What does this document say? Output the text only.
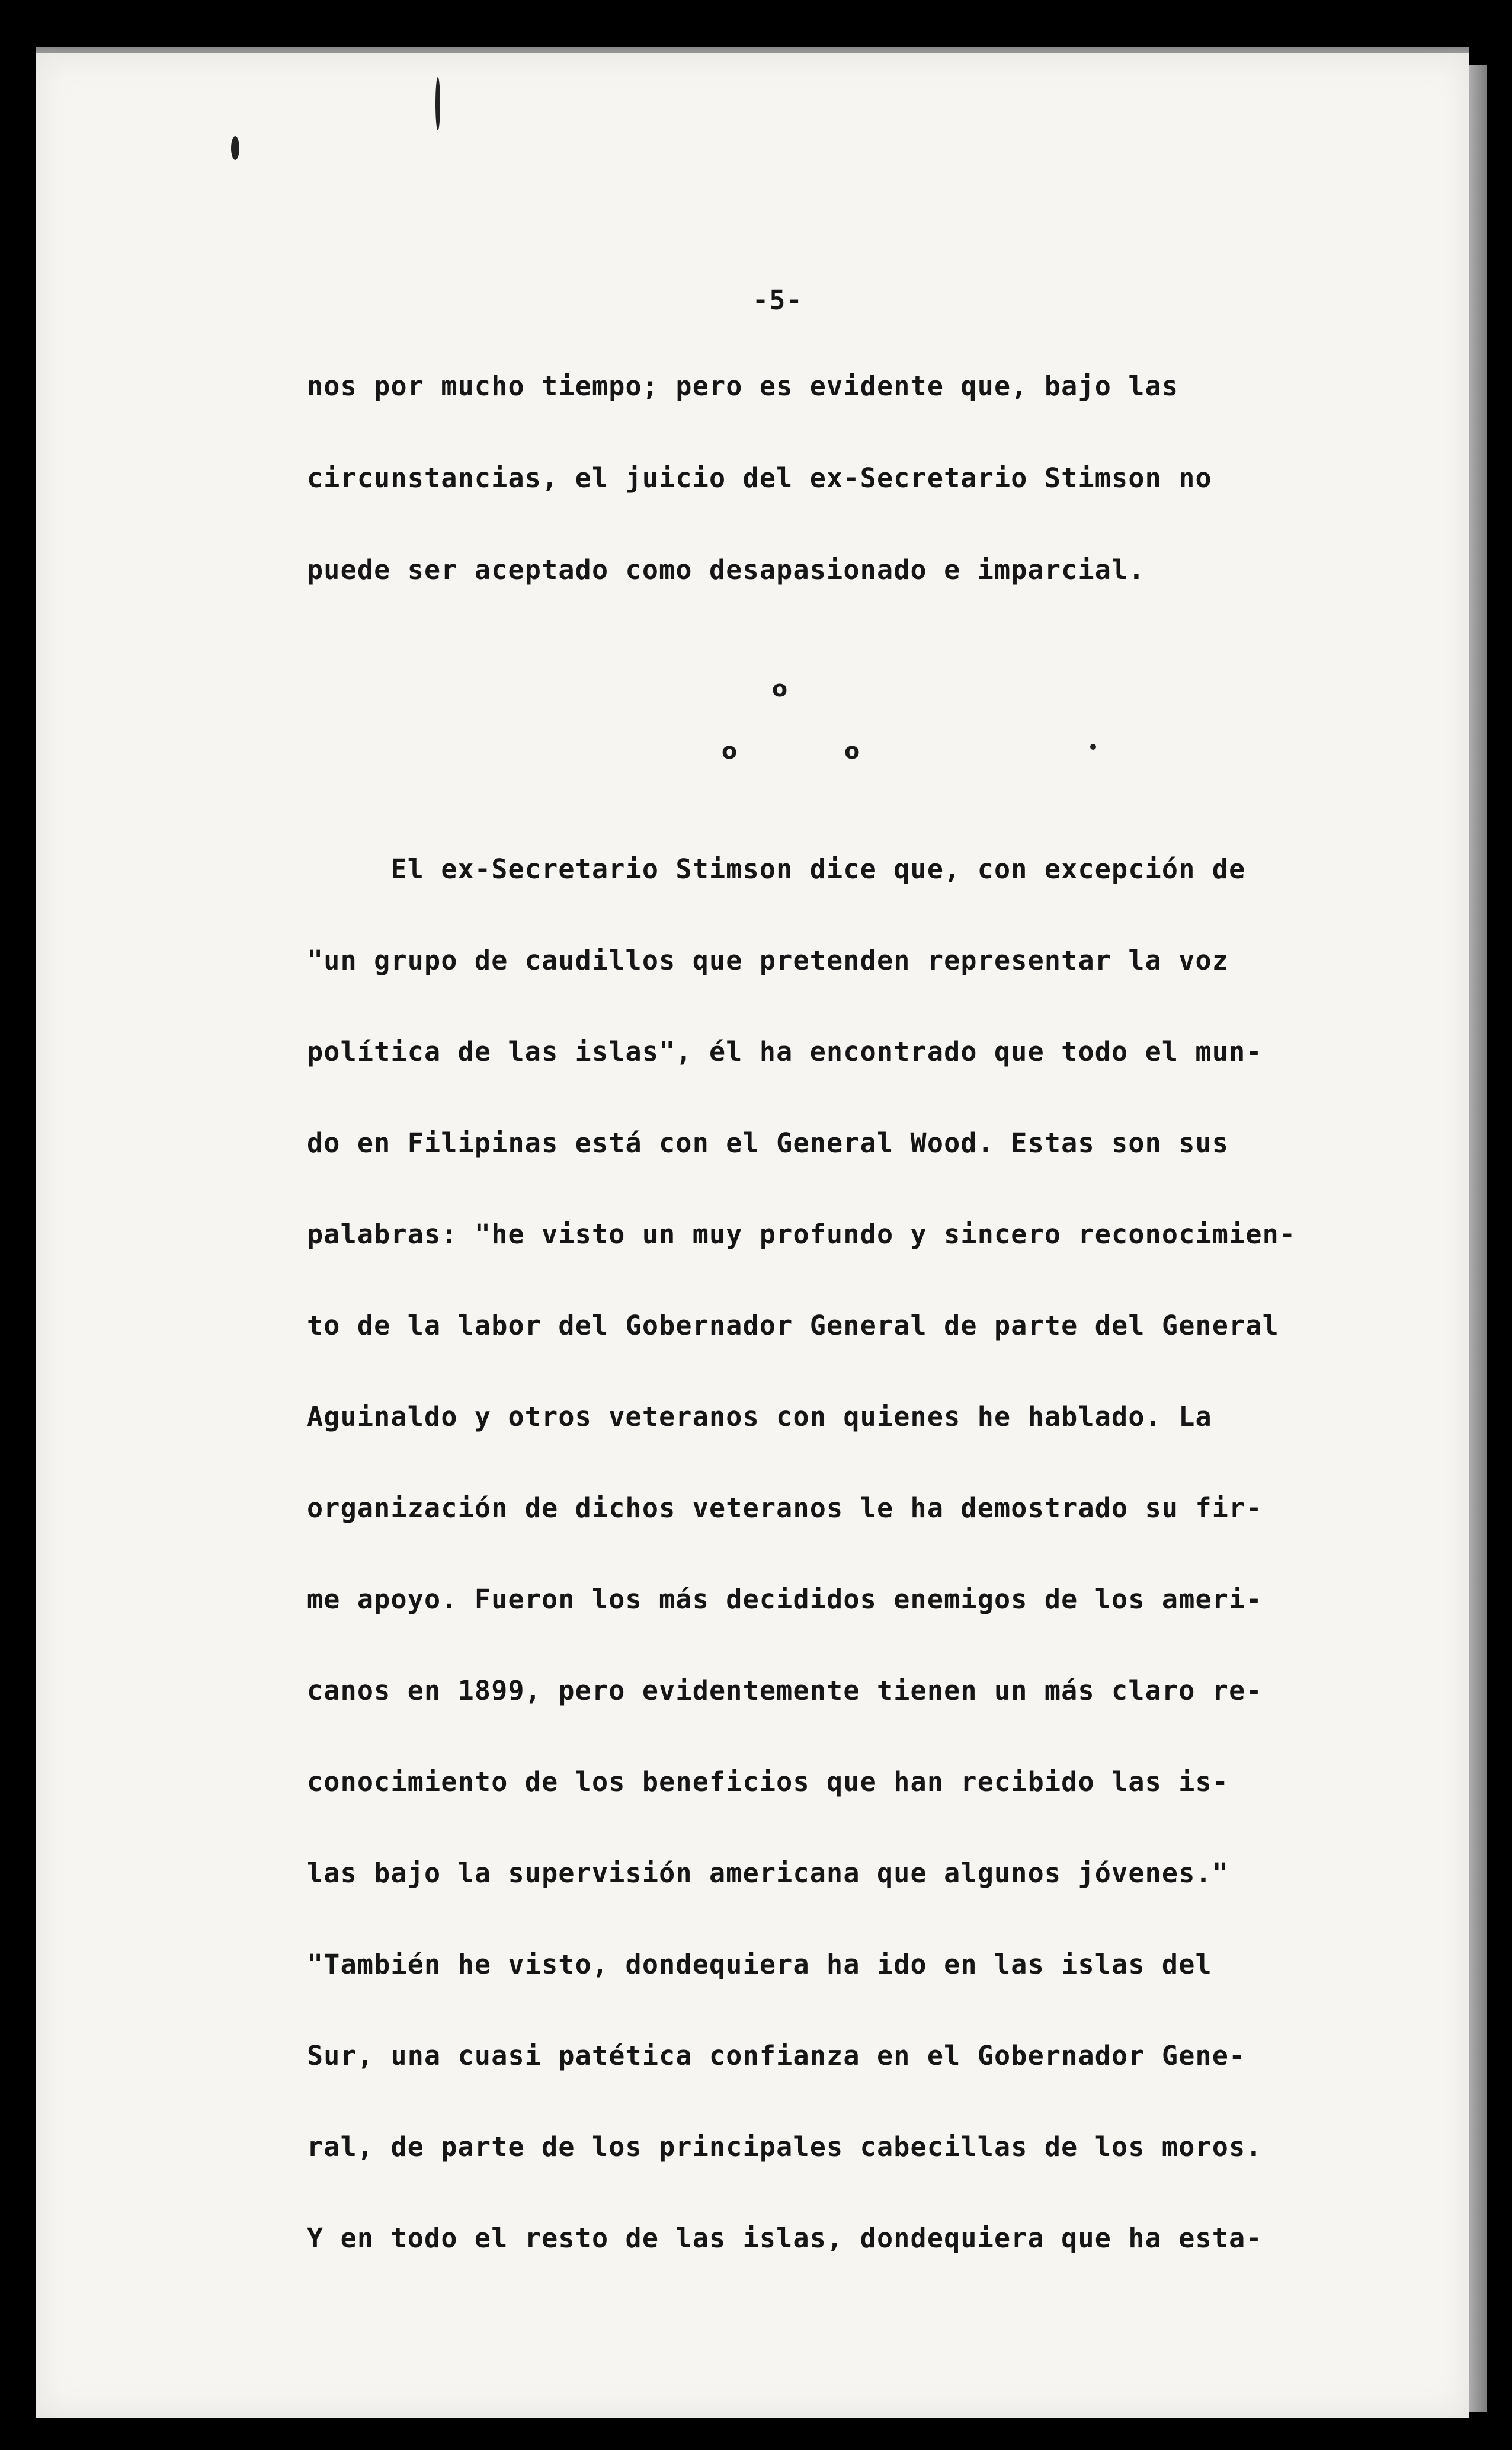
-5-

nos por mucho tiempo; pero es evidente que, bajo las

circunstancias, el juicio del ex-Secretario Stimson no

puede ser aceptado como desapasionado e imparcial.

o
o	o

El ex-Secretario Stimson dice que, con excepción de

"un grupo de caudillos que pretenden representar la voz

política de las islas", él ha encontrado que todo el mun-

do en Filipinas está con el General Wood. Estas son sus

palabras: "he visto un muy profundo y sincero reconocimien-

to de la labor del Gobernador General de parte del General

Aguinaldo y otros veteranos con quienes he hablado. La

organización de dichos veteranos le ha demostrado su fir-

me apoyo. Fueron los más decididos enemigos de los ameri-

canos en 1899, pero evidentemente tienen un más claro re-

conocimiento de los beneficios que han recibido las is-

las bajo la supervisión americana que algunos jóvenes."

"También he visto, dondequiera ha ido en las islas del

Sur, una cuasi patética confianza en el Gobernador Gene-

ral, de parte de los principales cabecillas de los moros.

Y en todo el resto de las islas, dondequiera que ha esta-
